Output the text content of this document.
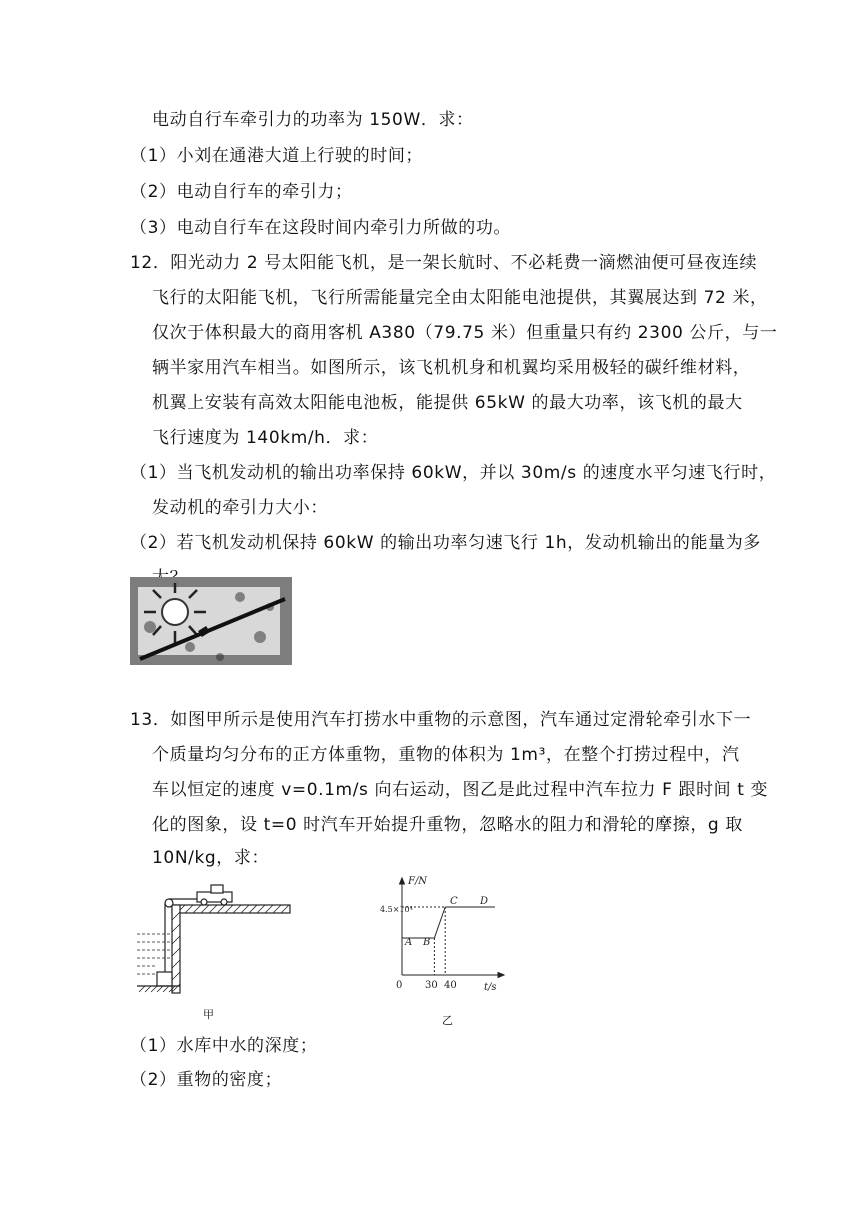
电动自行车牵引力的功率为 150W．求：
（1）小刘在通港大道上行驶的时间；
（2）电动自行车的牵引力；
（3）电动自行车在这段时间内牵引力所做的功。
12．阳光动力 2 号太阳能飞机，是一架长航时、不必耗费一滴燃油便可昼夜连续
飞行的太阳能飞机，飞行所需能量完全由太阳能电池提供，其翼展达到 72 米，
仅次于体积最大的商用客机 A380（79.75 米）但重量只有约 2300 公斤，与一
辆半家用汽车相当。如图所示，该飞机机身和机翼均采用极轻的碳纤维材料，
机翼上安装有高效太阳能电池板，能提供 65kW 的最大功率，该飞机的最大
飞行速度为 140km/h．求：
（1）当飞机发动机的输出功率保持 60kW，并以 30m/s 的速度水平匀速飞行时，
发动机的牵引力大小：
（2）若飞机发动机保持 60kW 的输出功率匀速飞行 1h，发动机输出的能量为多
13．如图甲所示是使用汽车打捞水中重物的示意图，汽车通过定滑轮牵引水下一
个质量均匀分布的正方体重物，重物的体积为 1m³，在整个打捞过程中，汽
车以恒定的速度 v=0.1m/s 向右运动，图乙是此过程中汽车拉力 F 跟时间 t 变
化的图象，设 t=0 时汽车开始提升重物，忽略水的阻力和滑轮的摩擦，g 取
10N/kg，求：
甲
F/N
t/s
4.5×10⁴
0 30 40
A B
C D
乙
（1）水库中水的深度；
（2）重物的密度；
